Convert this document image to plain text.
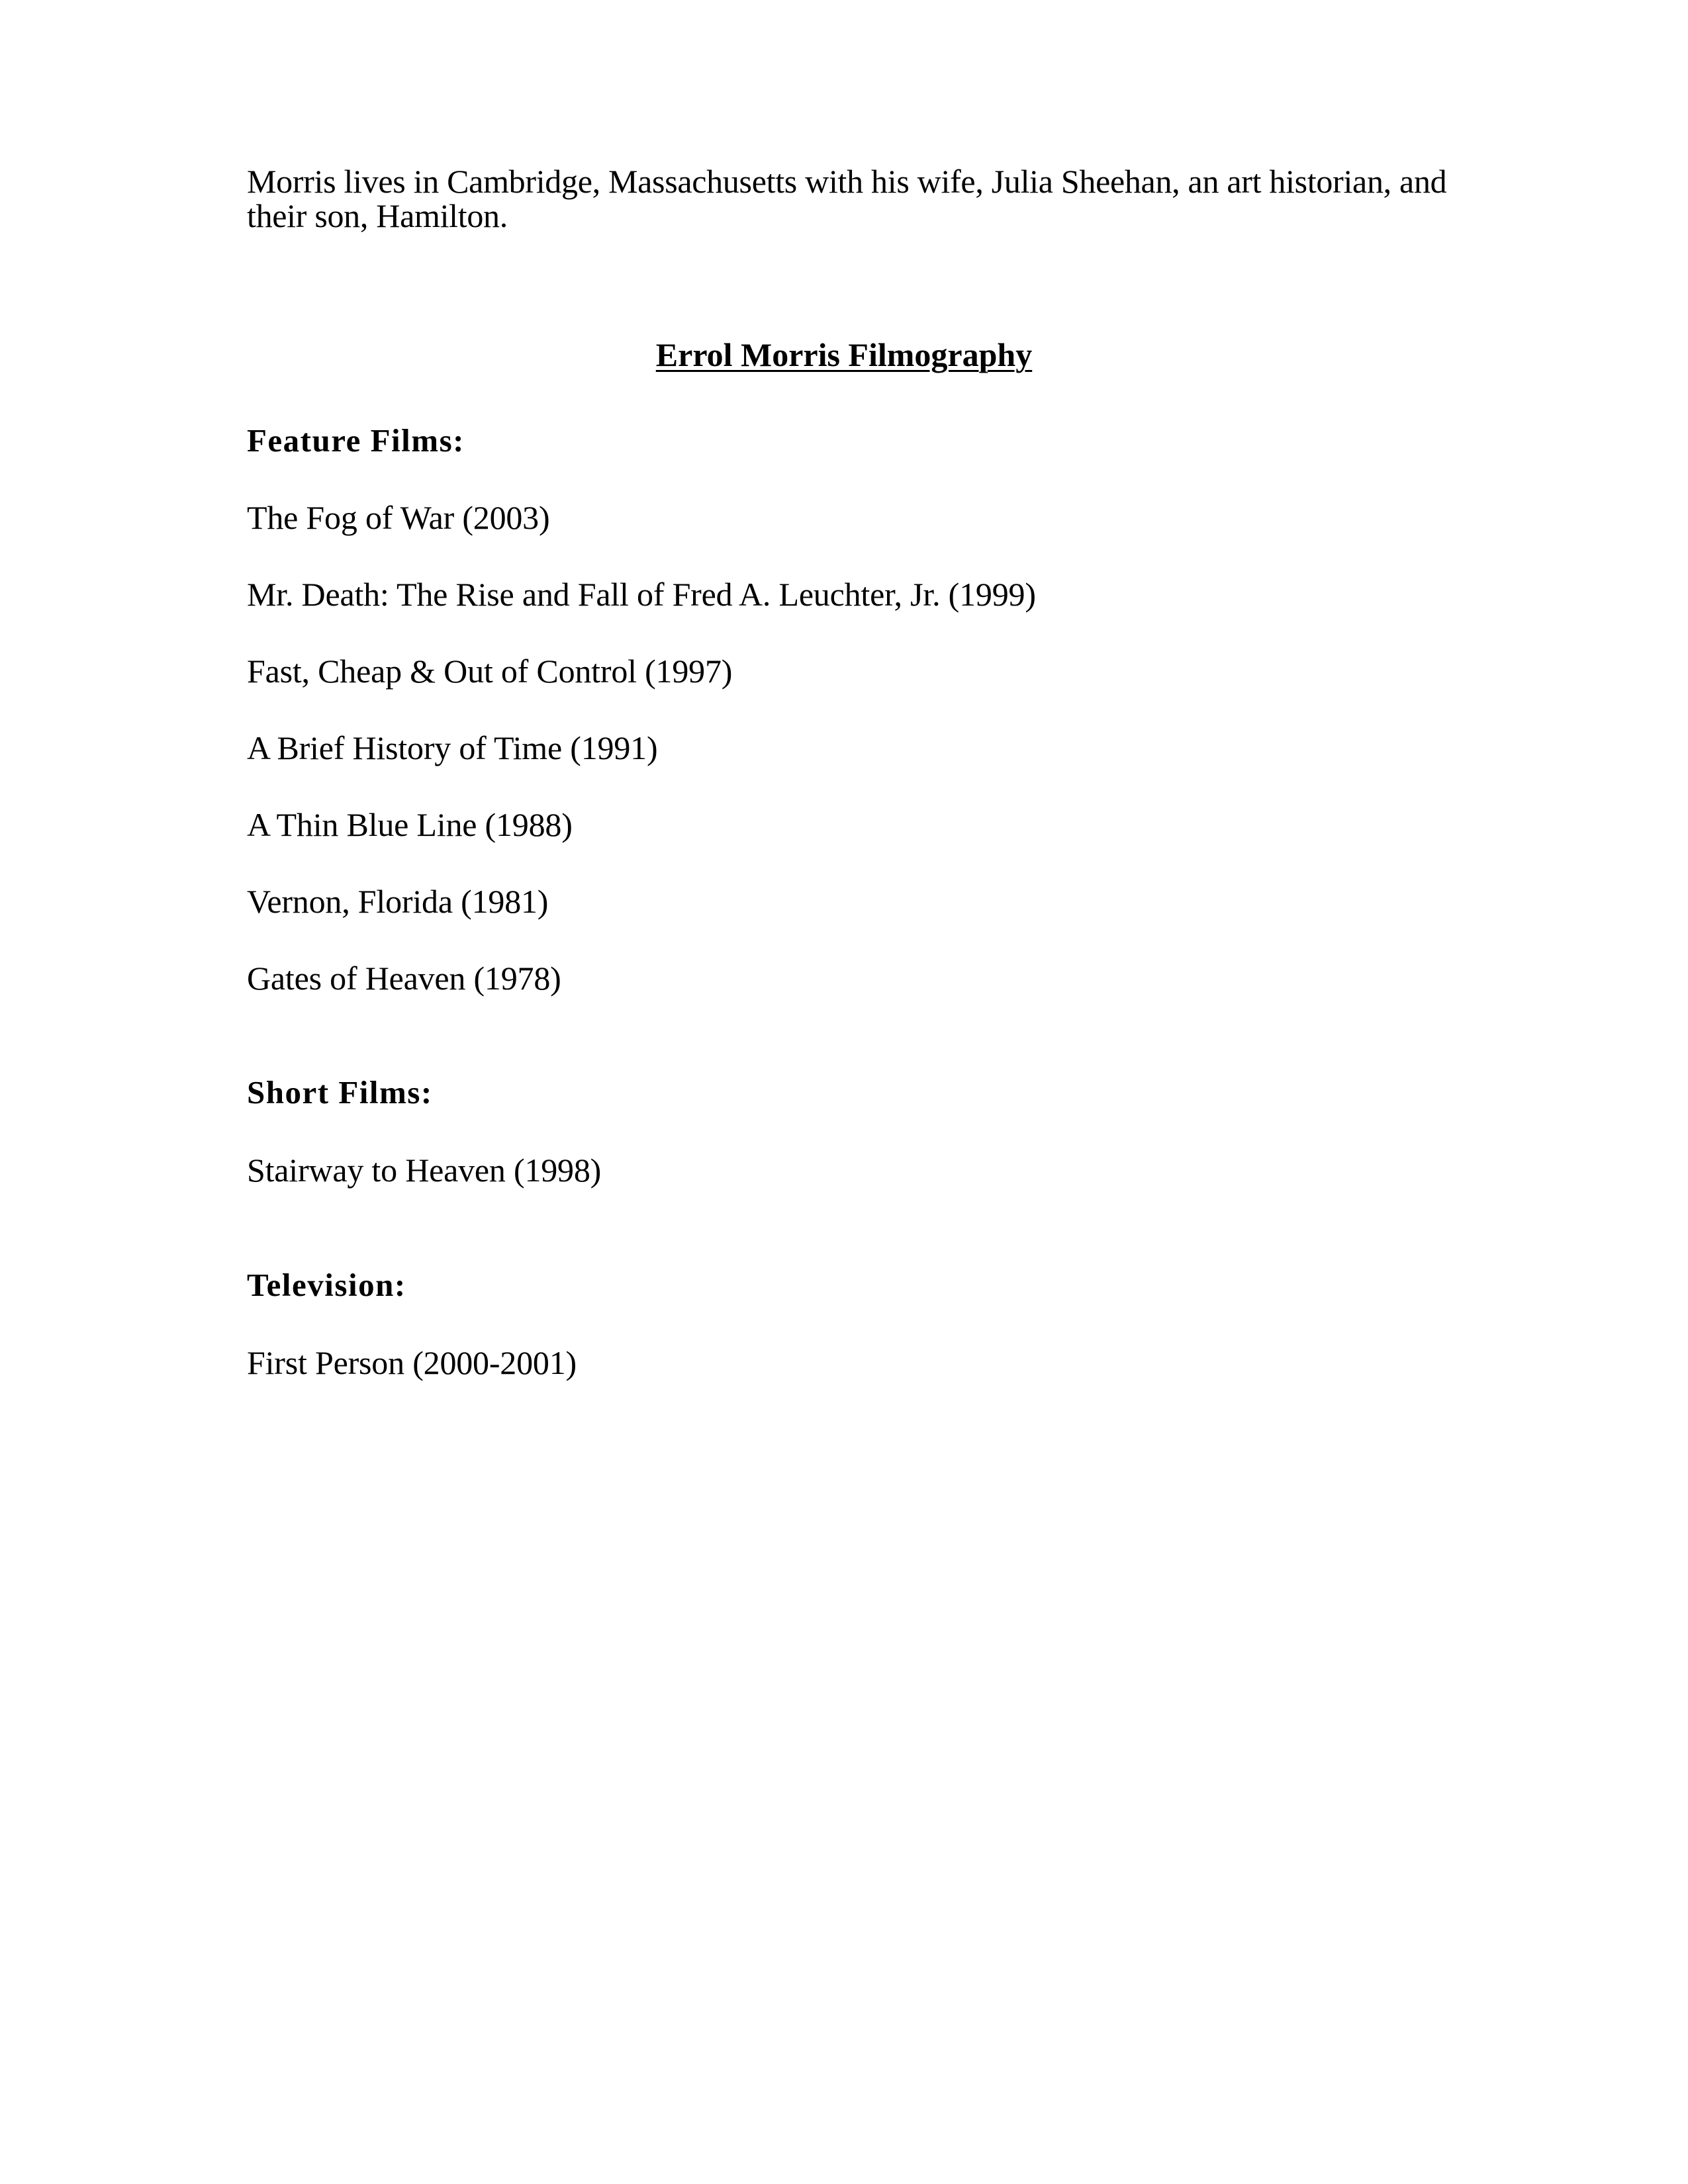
Morris lives in Cambridge, Massachusetts with his wife, Julia Sheehan, an art historian, and
their son, Hamilton.

Errol Morris Filmography
Feature Films:

The Fog of War (2003)

Mr. Death: The Rise and Fall of Fred A. Leuchter, Jr. (1999)

Fast, Cheap & Out of Control (1997)

A Brief History of Time (1991)

A Thin Blue Line (1988)

Vernon, Florida (1981)

Gates of Heaven (1978)

Short Films:

Stairway to Heaven (1998)

Television:

First Person (2000-2001)
